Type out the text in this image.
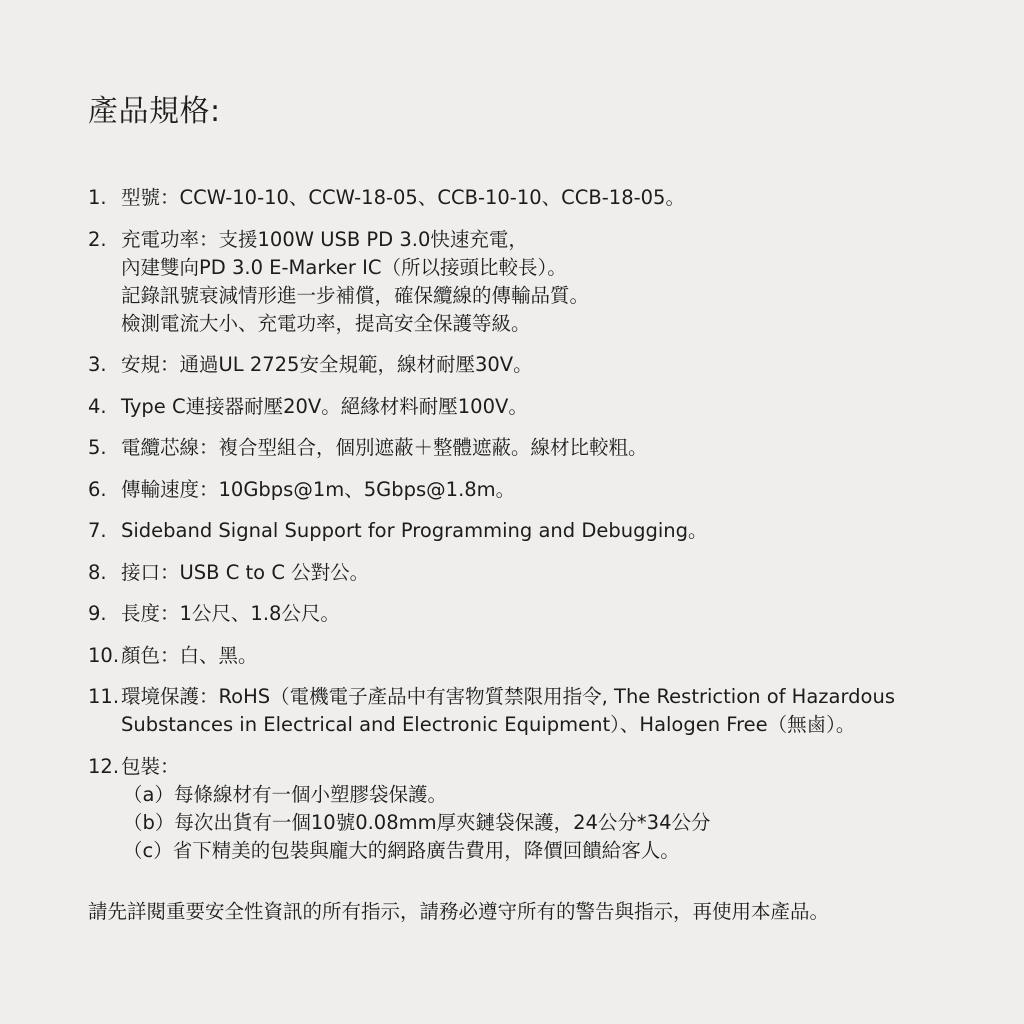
產品規格:
1. 型號：CCW-10-10、CCW-18-05、CCB-10-10、CCB-18-05。
2. 充電功率：支援100W USB PD 3.0快速充電，
內建雙向PD 3.0 E-Marker IC（所以接頭比較長）。
記錄訊號衰減情形進一步補償，確保纜線的傳輸品質。
檢測電流大小、充電功率，提高安全保護等級。
3. 安規：通過UL 2725安全規範，線材耐壓30V。
4. Type C連接器耐壓20V。絕緣材料耐壓100V。
5. 電纜芯線：複合型組合，個別遮蔽＋整體遮蔽。線材比較粗。
6. 傳輸速度：10Gbps@1m、5Gbps@1.8m。
7. Sideband Signal Support for Programming and Debugging。
8. 接口：USB C to C 公對公。
9. 長度：1公尺、1.8公尺。
10. 顏色：白、黑。
11. 環境保護：RoHS（電機電子產品中有害物質禁限用指令, The Restriction of Hazardous
Substances in Electrical and Electronic Equipment）、Halogen Free（無鹵）。
12. 包裝：
（a）每條線材有一個小塑膠袋保護。
（b）每次出貨有一個10號0.08mm厚夾鏈袋保護，24公分*34公分
（c）省下精美的包裝與龐大的網路廣告費用，降價回饋給客人。

請先詳閱重要安全性資訊的所有指示，請務必遵守所有的警告與指示，再使用本產品。
